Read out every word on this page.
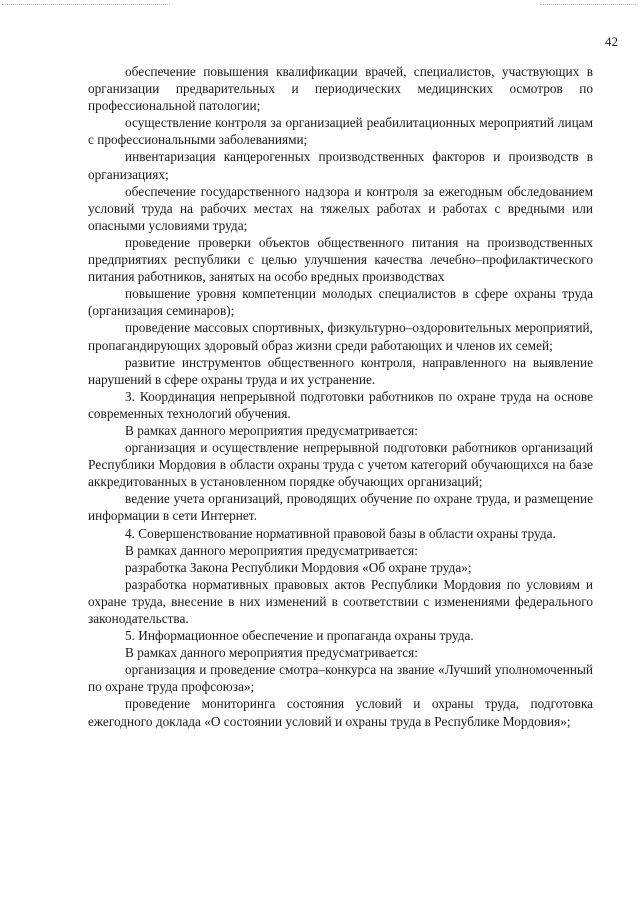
42

обеспечение повышения квалификации врачей, специалистов, участвующих в организации предварительных и периодических медицинских осмотров по профессиональной патологии;

осуществление контроля за организацией реабилитационных мероприятий лицам с профессиональными заболеваниями;

инвентаризация канцерогенных производственных факторов и производств в организациях;

обеспечение государственного надзора и контроля за ежегодным обследованием условий труда на рабочих местах на тяжелых работах и работах с вредными или опасными условиями труда;

проведение проверки объектов общественного питания на производственных предприятиях республики с целью улучшения качества лечебно–профилактического питания работников, занятых на особо вредных производствах

повышение уровня компетенции молодых специалистов в сфере охраны труда (организация семинаров);

проведение массовых спортивных, физкультурно–оздоровительных мероприятий, пропагандирующих здоровый образ жизни среди работающих и членов их семей;

развитие инструментов общественного контроля, направленного на выявление нарушений в сфере охраны труда и их устранение.

3. Координация непрерывной подготовки работников по охране труда на основе современных технологий обучения.

В рамках данного мероприятия предусматривается:

организация и осуществление непрерывной подготовки работников организаций Республики Мордовия в области охраны труда с учетом категорий обучающихся на базе аккредитованных в установленном порядке обучающих организаций;

ведение учета организаций, проводящих обучение по охране труда, и размещение информации в сети Интернет.

4. Совершенствование нормативной правовой базы в области охраны труда.

В рамках данного мероприятия предусматривается:

разработка Закона Республики Мордовия «Об охране труда»;

разработка нормативных правовых актов Республики Мордовия по условиям и охране труда, внесение в них изменений в соответствии с изменениями федерального законодательства.

5. Информационное обеспечение и пропаганда охраны труда.

В рамках данного мероприятия предусматривается:

организация и проведение смотра–конкурса на звание «Лучший уполномоченный по охране труда профсоюза»;

проведение мониторинга состояния условий и охраны труда, подготовка ежегодного доклада «О состоянии условий и охраны труда в Республике Мордовия»;
